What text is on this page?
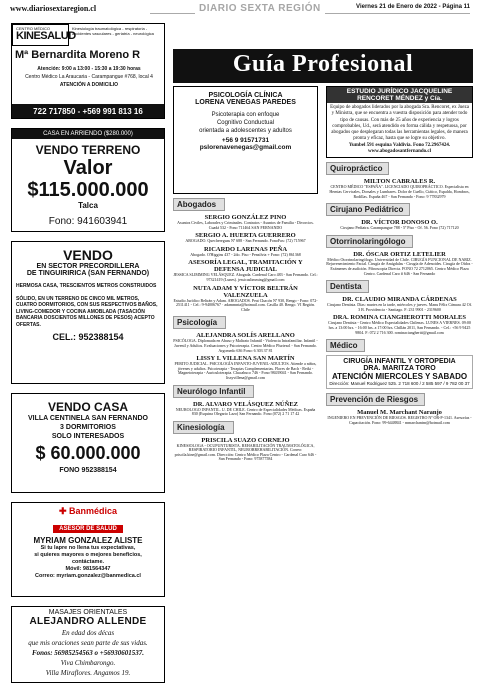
www.diariosextaregion.cl	DIARIO SEXTA REGIÓN	Viernes 21 de Enero de 2022 - Página 11
CENTRO MÉDICO
KINESALUD
Kinesiología traumatológica - respiratoria - accidentes vasculares - geriatría - neurológica
Mª Bernardita Moreno R
Atención: 9:00 a 13:00 - 15:30 a 19:30 horas
Centro Médico La Araucaria - Carampangue #768, local 4
ATENCIÓN A DOMICILIO
722 717850 - +569 991 813 16
CASA EN ARRIENDO ($280.000)
VENDO TERRENO
Valor $115.000.000
Talca
Fono: 941603941
VENDO
EN SECTOR PRECORDILLERA
DE TINGUIRIRICA (SAN FERNANDO)

HERMOSA CASA, TRESCIENTOS METROS CONSTRUIDOS

SÓLIDO, EN UN TERRENO DE CINCO MIL METROS, CUATRO DORMITORIOS, CON SUS RESPECTIVOS BAÑOS, LIVING-COMEDOR Y COCINA AMOBLADA (TASACIÓN BANCARIA DOSCIENTOS MILLONES DE PESOS) ACEPTO OFERTAS.

CEL.: 952388154
VENDO CASA
VILLA CENTINELA SAN FERNANDO
3 DORMITORIOS
SOLO INTERESADOS
$ 60.000.000
FONO 952388154
✚ Banmédica
ASESOR DE SALUD
MYRIAM GONZALEZ ALISTE
Si tu lapre no llena tus expectativas,
si quieres mayores o mejores beneficios,
contáctame.
Móvil: 981564347
Correo: myriam.gonzalez@banmedica.cl
MASAJES ORIENTALES
ALEJANDRO ALLENDE
En edad dos décas
que mis oraciones sean parte de sus vidas.
Fonos: 56985254563 o +56930601537.
Viva Chimbarongo.
Villa Miraflores. Angamos 19.
Guía Profesional
PSICOLOGÍA CLÍNICA
LORENA VENEGAS PAREDES
Psicoterapia con enfoque
Cognitivo Conductual
orientada a adolescentes y adultos
+56 9 91571731
pslorenavenegas@gmail.com
Abogados
SERGIO GONZÁLEZ PINO
Asuntos Civiles, Laborales y Criminales. Contratos - Asuntos de Familia - Divorcios. Cuadá 532 - Fono 711464 SAN FERNANDO
SERGIO A. HUERTA GUERRERO
ABOGADO. Quechereguas Nº 688 - San Fernando. FonoFax: (72) 715967
RICARDO LARENAS PEÑA
Abogado. O'Higgins 437 - 2do. Piso - Pensilvia + Fono: (72) 861368
ASESORÍA LEGAL, TRAMITACIÓN Y DEFENSA JUDICIAL
JESSICA SLIMMING VELÁSQUEZ. Abogada. Cardenal Caro 483 - San Fernando. Cel.: 97321419 (Lunes). jessicaslimming@gmail.com
NUTA ADAM Y VÍCTOR BELTRÁN VALENZUELA
Estudio Jurídico Beltrán y Adam. ABOGADOS. Peat Chacón Nº 930, Rengo - Fono: 072-2511411 - Cel.: 9-94006767 · adammnta@hotmail.com. Casilla 40. Rengo. VI Región. Chile
Psicología
ALEJANDRA SOLÍS ARELLANO
PSICÓLOGA. Diplomada en Abuso y Maltrato Infantil - Violencia Intrafamiliar. Infantil - Juvenil y Adultos. Evaluaciones y Psicoterapia. Centro Médico Pluriesol - San Fernando. Argomedo 636 Fono: 6 303 37 81
LISSY I. VILLENA SAN MARTÍN
PERITO JUDICIAL. PSICOLOGÍA INFANTO-JUVENIL-ADULTOS. Atiende a niños, jóvenes y adultos. Psicoterapia - Terapias Complementarias. Flores de Bach - Reiki - Magnetoterapia - Auriculoterapia. Chacabuco 746 - Fono 98439041 - San Fernando. lissyvillena@gmail.com
Neurólogo Infantil
DR. ALVARO VELÁSQUEZ NÚÑEZ
NEUROLOGO INFANTIL. U. DE CHILE. Centro de Especialidades Médicas. España 830 (Esquina Olegario Lazo) San Fernando. Fono (072) 2 71 17 42
Kinesiología
PRISCILA SUAZO CORNEJO
KINESIOLOGA - OCUPUNTURISTA. REHABILITACIÓN TRAUMATOLÓGICA, RESPIRATORIO INFANTIL, NEURORREHABILITACIÓN. Correo: priscila.kine@gmail.com. Dirección: Centro Médico Plaza Centro - Cardenal Caro 646 - San Fernando - Fono: 975877584
ESTUDIO JURÍDICO JACQUELINE RENCORET MÉNDEZ y Cía.
Equipo de abogados liderados por la abogada Sra. Rencoret, ex Jueza y Ministra, que se encuentra a vuestra disposición para atender todo tipo de causas. Con más de 25 años de experiencia y logros comprobables, Ud., será atendido en forma cálida y respetuosa, por abogados que desplegaran todas las herramientas legales, de manera pronta y eficaz, hasta que se logre su objetivo.
Yumbel 591 esquina Valdivia. Fono 72.2967424.
www.abogadosantfernando.cl
Quiropráctico
MILTON CABRALES R.
CENTRO MÉDICO "ESPAÑA". LICENCIADO QUIROPRÁCTICO. Especialista en Hernias Cervicales, Dorsales y Lumbares. Dolor de Cuello, Ciático, Espalda, Hombros, Rodillas. España 467 - San Fernando - Fono: 9 77832979
Cirujano Pediátrico
DR. VÍCTOR DONOSO O.
Cirujano Pediatra. Carampangue 788 - 5º Piso - Of. 56. Fono (72) 717120
Otorrinolaringólogo
DR. ÓSCAR ORTIZ LETELIER
Médico Otorrinolaringólogo. Universidad de Chile. CIRUGÍA FUNCIONAL DE NARIZ. Rejuvenecimiento Facial. Cirugía de Amígdalas - Cirugía de Adenoides. Cirugía de Oídos - Exámenes de audición. Fibroscopia Directa. FONO 72 2712065. Centro Médico Plaza Centro. Cardenal Caro # 646 - San Fernando
Dentista
DR. CLAUDIO MIRANDA CÁRDENAS
Cirujano Dentista. Días: martes en la tarde, miércoles y jueves. Manu Félix Cámara 42 Of. 3 B. Providencia - Santiago. F: 231 9901 - 2319600
DRA. ROMINA CIANGHEROTTI MORALES
Cirujano Dentista - Centro Médico Especialidades Chilenas. LUNES A VIERNES. 09:00 hrs. a 13:00 hrs. - 16:00 hrs. a 17:00 hrs. Chillán 2011, San Fernando. - Cel.: +56 9 9425 9804. F: 072 2 716 300. rominacianghertti@gmail.com
Médico
CIRUGÍA INFANTIL Y ORTOPEDIA
DRA. MARITZA TORO
ATENCIÓN MIERCOLES Y SABADO
Dirección: Manuel Rodriguez 525. 2 718 600 / 2 585 597 / 9 782 00 37
Prevención de Riesgos
Manuel M. Marchant Naranjo
INGENIERO EN PREVENCIÓN DE RIESGOS. REGISTRO Nº OR-P-1341. Asesorías - Capacitación. Fono: 99-6448841 - mmarchantm@hotmail.com
